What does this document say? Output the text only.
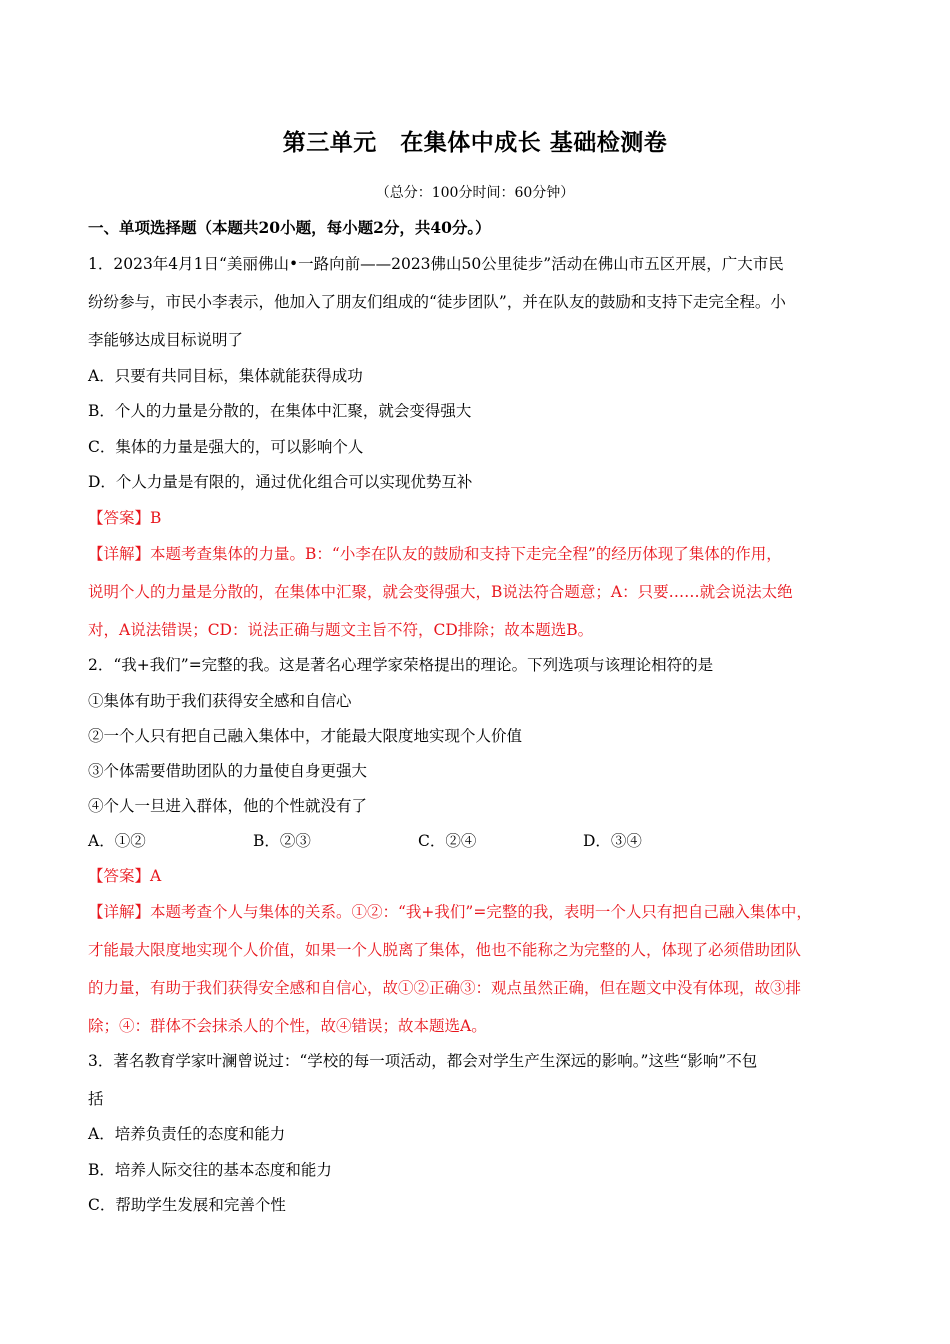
第三单元　在集体中成长 基础检测卷
（总分：100分时间：60分钟）
一、单项选择题（本题共20小题，每小题2分，共40分。）
1．2023年4月1日“美丽佛山•一路向前——2023佛山50公里徒步”活动在佛山市五区开展，广大市民
纷纷参与，市民小李表示，他加入了朋友们组成的“徒步团队”，并在队友的鼓励和支持下走完全程。小
李能够达成目标说明了
A．只要有共同目标，集体就能获得成功
B．个人的力量是分散的，在集体中汇聚，就会变得强大
C．集体的力量是强大的，可以影响个人
D．个人力量是有限的，通过优化组合可以实现优势互补
【答案】B
【详解】本题考查集体的力量。B：“小李在队友的鼓励和支持下走完全程”的经历体现了集体的作用，
说明个人的力量是分散的，在集体中汇聚，就会变得强大，B说法符合题意；A：只要……就会说法太绝
对，A说法错误；CD：说法正确与题文主旨不符，CD排除；故本题选B。
2．“我+我们”=完整的我。这是著名心理学家荣格提出的理论。下列选项与该理论相符的是
①集体有助于我们获得安全感和自信心
②一个人只有把自己融入集体中，才能最大限度地实现个人价值
③个体需要借助团队的力量使自身更强大
④个人一旦进入群体，他的个性就没有了
A．①②	B．②③	C．②④	D．③④
【答案】A
【详解】本题考查个人与集体的关系。①②：“我+我们”=完整的我，表明一个人只有把自己融入集体中，
才能最大限度地实现个人价值，如果一个人脱离了集体，他也不能称之为完整的人，体现了必须借助团队
的力量，有助于我们获得安全感和自信心，故①②正确③：观点虽然正确，但在题文中没有体现，故③排
除；④：群体不会抹杀人的个性，故④错误；故本题选A。
3．著名教育学家叶澜曾说过：“学校的每一项活动，都会对学生产生深远的影响。”这些“影响”不包
括
A．培养负责任的态度和能力
B．培养人际交往的基本态度和能力
C．帮助学生发展和完善个性
